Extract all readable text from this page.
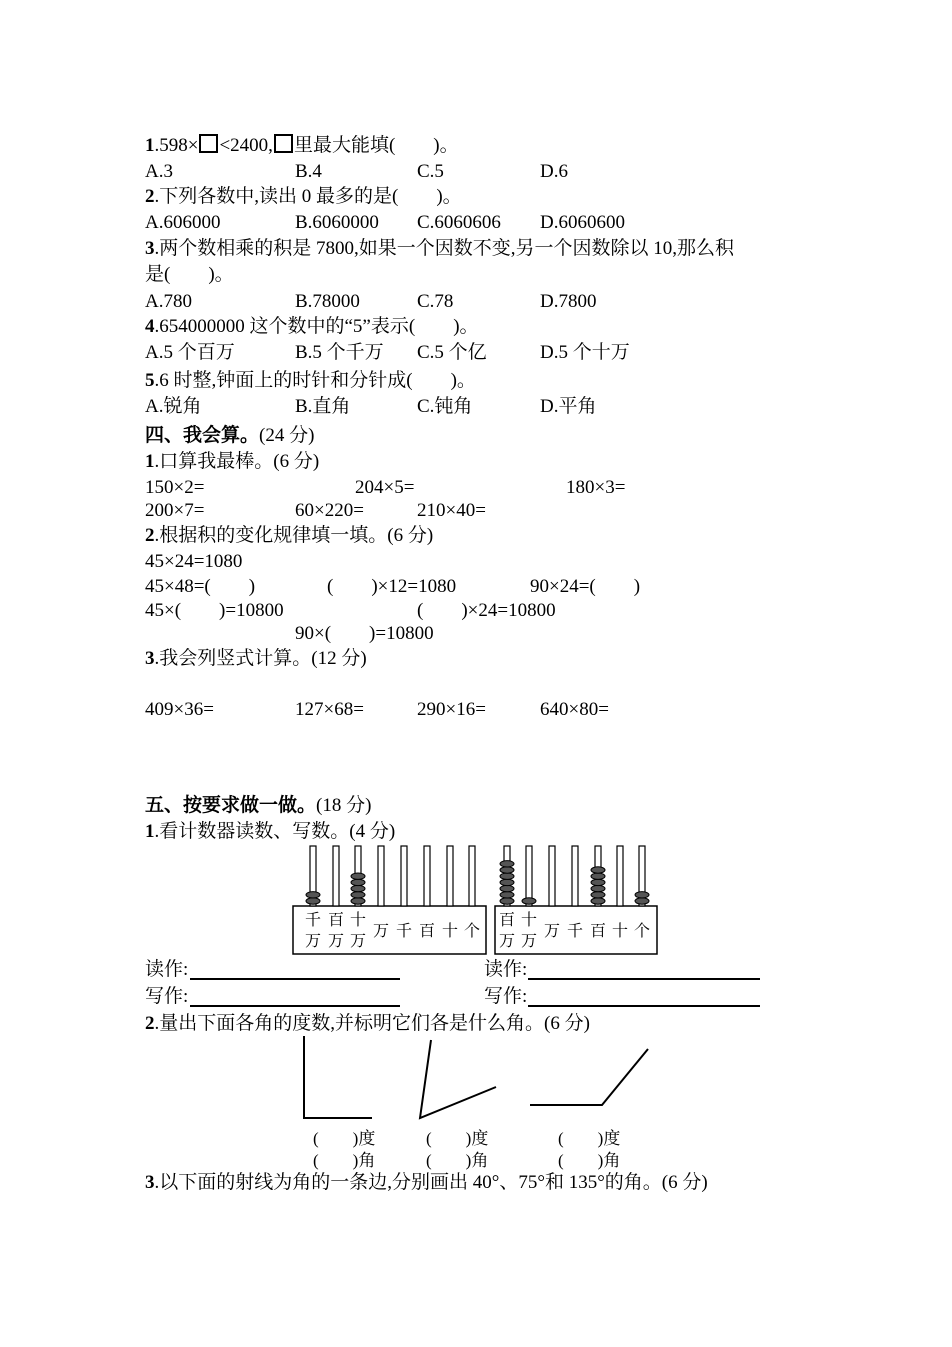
1.598× <2400, 里最大能填(　　)。
A.3	B.4	C.5	D.6
2.下列各数中,读出 0 最多的是(　　)。
A.606000	B.6060000 C.6060606 D.6060600
3.两个数相乘的积是 7800,如果一个因数不变,另一个因数除以 10,那么积
是(　　)。
A.780	B.78000	C.78	D.7800
4.654000000 这个数中的“5”表示(　　)。
A.5 个百万	B.5 个千万 C.5 个亿	D.5 个十万
5.6 时整,钟面上的时针和分针成(　　)。
A.锐角	B.直角	C.钝角	D.平角
四、我会算。(24 分)
1.口算我最棒。(6 分)
150×2=	204×5=	180×3=
200×7=	60×220=	210×40=
2.根据积的变化规律填一填。(6 分)
45×24=1080
45×48=(　　)	(　　)×12=1080	90×24=(　　)
45×(　　)=10800	(　　)×24=10800
90×(　　)=10800
3.我会列竖式计算。(12 分)
409×36=	127×68=	290×16=	640×80=
五、按要求做一做。(18 分)
1.看计数器读数、写数。(4 分)
千
万
百
万
十
万
万 千 百 十 个
百
万
十
万
万 千 百 十 个
读作:
写作:
读作:
写作:
2.量出下面各角的度数,并标明它们各是什么角。(6 分)
(　　)度
(　　)角
(　　)度
(　　)角
(　　)度
(　　)角
3.以下面的射线为角的一条边,分别画出 40°、75°和 135°的角。(6 分)
